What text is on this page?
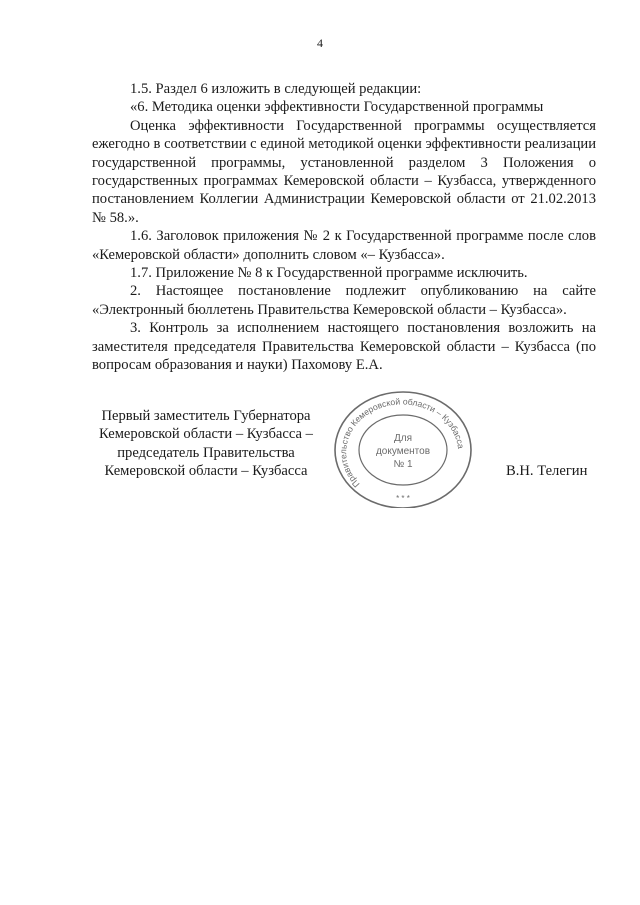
4

1.5. Раздел 6 изложить в следующей редакции:

«6. Методика оценки эффективности Государственной программы

Оценка эффективности Государственной программы осуществляется ежегодно в соответствии с единой методикой оценки эффективности реализации государственной программы, установленной разделом 3 Положения о государственных программах Кемеровской области – Кузбасса, утвержденного постановлением Коллегии Администрации Кемеровской области от 21.02.2013 № 58.».

1.6. Заголовок приложения № 2 к Государственной программе после слов «Кемеровской области» дополнить словом «– Кузбасса».

1.7. Приложение № 8 к Государственной программе исключить.

2. Настоящее постановление подлежит опубликованию на сайте «Электронный бюллетень Правительства Кемеровской области – Кузбасса».

3. Контроль за исполнением настоящего постановления возложить на заместителя председателя Правительства Кемеровской области – Кузбасса (по вопросам образования и науки) Пахомову Е.А.

Первый заместитель Губернатора
Кемеровской области – Кузбасса –
председатель Правительства
Кемеровской области – Кузбасса
Правительство Кемеровской области – Кузбасса
Для
документов
№ 1
* * *
В.Н. Телегин
